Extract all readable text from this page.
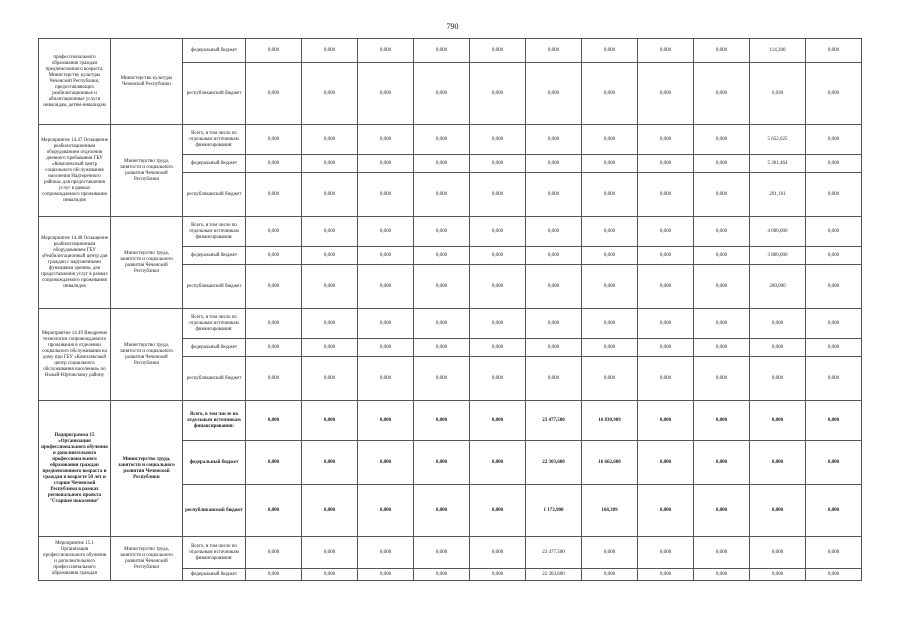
790
профессионального образования граждан предпенсионного возраста, Министерству культуры Чеченской Республики, предоставляющих реабилитационные и абилитационные услуги инвалидам, детям-инвалидам	Министерство культуры Чеченской Республики	федеральный бюджет	0,000	0,000	0,000	0,000	0,000	0,000	0,000	0,000	0,000	114,300	0,000
		республиканский бюджет	0,000	0,000	0,000	0,000	0,000	0,000	0,000	0,000	0,000	6,030	0,000
Мероприятие 14.47 Оснащение реабилитационным оборудованием отделения дневного пребывания ГБУ «Комплексный центр социального обслуживания населения Надтеречного района» для предоставления услуг в рамках сопровождаемого проживания инвалидов	Министерство труда, занятости и социального развития Чеченской Республики	Всего, в том числе по отдельным источникам финансирования:	0,000	0,000	0,000	0,000	0,000	0,000	0,000	0,000	0,000	5 652,625	0,000
		федеральный бюджет	0,000	0,000	0,000	0,000	0,000	0,000	0,000	0,000	0,000	5 361,464	0,000
		республиканский бюджет	0,000	0,000	0,000	0,000	0,000	0,000	0,000	0,000	0,000	291,161	0,000
Мероприятие 14.48 Оснащение реабилитационным оборудованием ГБУ «Реабилитационный центр для граждан с нарушенными функциями зрения» для предоставления услуг в рамках сопровождаемого проживания инвалидов	Министерство труда, занятости и социального развития Чеченской Республики	Всего, в том числе по отдельным источникам финансирования:	0,000	0,000	0,000	0,000	0,000	0,000	0,000	0,000	0,000	4 000,000	0,000
		федеральный бюджет	0,000	0,000	0,000	0,000	0,000	0,000	0,000	0,000	0,000	3 800,000	0,000
		республиканский бюджет	0,000	0,000	0,000	0,000	0,000	0,000	0,000	0,000	0,000	200,000	0,000
Мероприятие 14.49 Внедрение технологии сопровождаемого проживания в отделении социального обслуживания на дому при ГБУ «Комплексный центр социального обслуживания населения» по Ножай-Юртовскому району	Министерство труда, занятости и социального развития Чеченской Республики	Всего, в том числе по отдельным источникам финансирования:	0,000	0,000	0,000	0,000	0,000	0,000	0,000	0,000	0,000	0,000	0,000
		федеральный бюджет	0,000	0,000	0,000	0,000	0,000	0,000	0,000	0,000	0,000	0,000	0,000
		республиканский бюджет	0,000	0,000	0,000	0,000	0,000	0,000	0,000	0,000	0,000	0,000	0,000
Подпрограмма 15 «Организация профессионального обучения и дополнительного профессионального образования граждан предпенсионного возраста и граждан в возрасте 50 лет и старше Чеченской Республики в рамках регионального проекта "Старшее поколение"	Министерство труда, занятости и социального развития Чеченской Республики	Всего, в том числе по отдельным источникам финансирования:	0,000	0,000	0,000	0,000	0,000	23 477,500	16 830,909	0,000	0,000	0,000	0,000
		федеральный бюджет	0,000	0,000	0,000	0,000	0,000	22 303,600	16 662,600	0,000	0,000	0,000	0,000
		республиканский бюджет	0,000	0,000	0,000	0,000	0,000	1 173,900	168,309	0,000	0,000	0,000	0,000
Мероприятие 15.1 Организация профессионального обучения и дополнительного профессионального образования граждан	Министерство труда, занятости и социального развития Чеченской Республики	Всего, в том числе по отдельным источникам финансирования:	0,000	0,000	0,000	0,000	0,000	23 477,500	0,000	0,000	0,000	0,000	0,000
		федеральный бюджет	0,000	0,000	0,000	0,000	0,000	22 303,600	0,000	0,000	0,000	0,000	0,000
